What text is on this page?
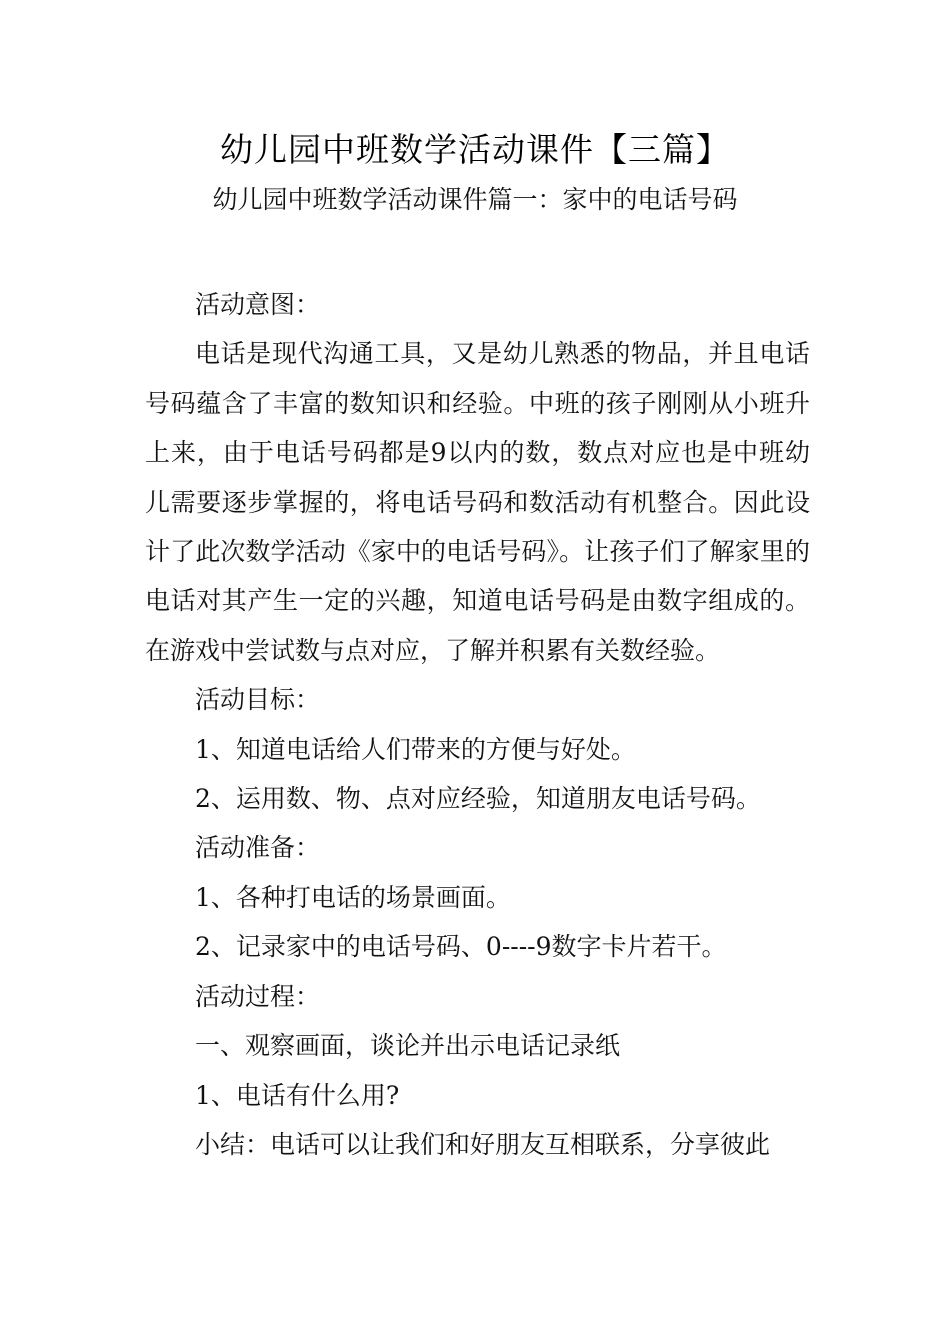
幼儿园中班数学活动课件【三篇】
幼儿园中班数学活动课件篇一：家中的电话号码

活动意图：

电话是现代沟通工具，又是幼儿熟悉的物品，并且电话号码蕴含了丰富的数知识和经验。中班的孩子刚刚从小班升上来，由于电话号码都是9以内的数，数点对应也是中班幼儿需要逐步掌握的，将电话号码和数活动有机整合。因此设计了此次数学活动《家中的电话号码》。让孩子们了解家里的电话对其产生一定的兴趣，知道电话号码是由数字组成的。在游戏中尝试数与点对应，了解并积累有关数经验。

活动目标：

1、知道电话给人们带来的方便与好处。

2、运用数、物、点对应经验，知道朋友电话号码。

活动准备：

1、各种打电话的场景画面。

2、记录家中的电话号码、0----9数字卡片若干。

活动过程：

一、观察画面，谈论并出示电话记录纸

1、电话有什么用?

小结：电话可以让我们和好朋友互相联系，分享彼此
